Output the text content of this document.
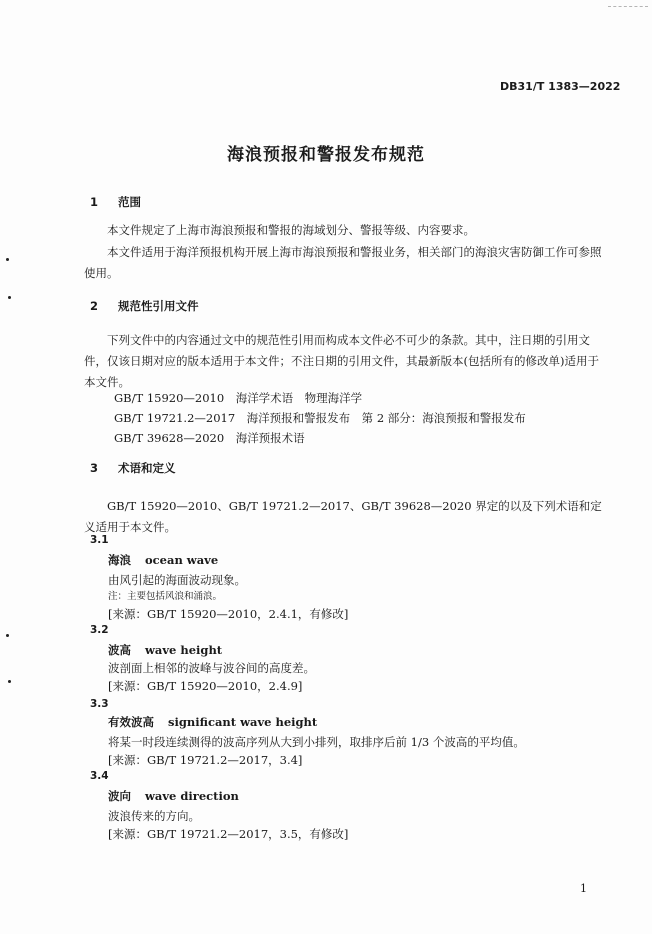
DB31/T 1383—2022
海浪预报和警报发布规范
1 范围
本文件规定了上海市海浪预报和警报的海域划分、警报等级、内容要求。
本文件适用于海洋预报机构开展上海市海浪预报和警报业务，相关部门的海浪灾害防御工作可参照使用。
2 规范性引用文件
下列文件中的内容通过文中的规范性引用而构成本文件必不可少的条款。其中，注日期的引用文件，仅该日期对应的版本适用于本文件；不注日期的引用文件，其最新版本(包括所有的修改单)适用于本文件。
GB/T 15920—2010　海洋学术语　物理海洋学
GB/T 19721.2—2017　海洋预报和警报发布　第 2 部分：海浪预报和警报发布
GB/T 39628—2020　海洋预报术语
3 术语和定义
GB/T 15920—2010、GB/T 19721.2—2017、GB/T 39628—2020 界定的以及下列术语和定义适用于本文件。
3.1
海浪 ocean wave
由风引起的海面波动现象。
注：主要包括风浪和涌浪。
[来源：GB/T 15920—2010，2.4.1，有修改]
3.2
波高 wave height
波剖面上相邻的波峰与波谷间的高度差。
[来源：GB/T 15920—2010，2.4.9]
3.3
有效波高 significant wave height
将某一时段连续测得的波高序列从大到小排列，取排序后前 1/3 个波高的平均值。
[来源：GB/T 19721.2—2017，3.4]
3.4
波向 wave direction
波浪传来的方向。
[来源：GB/T 19721.2—2017，3.5，有修改]
1
